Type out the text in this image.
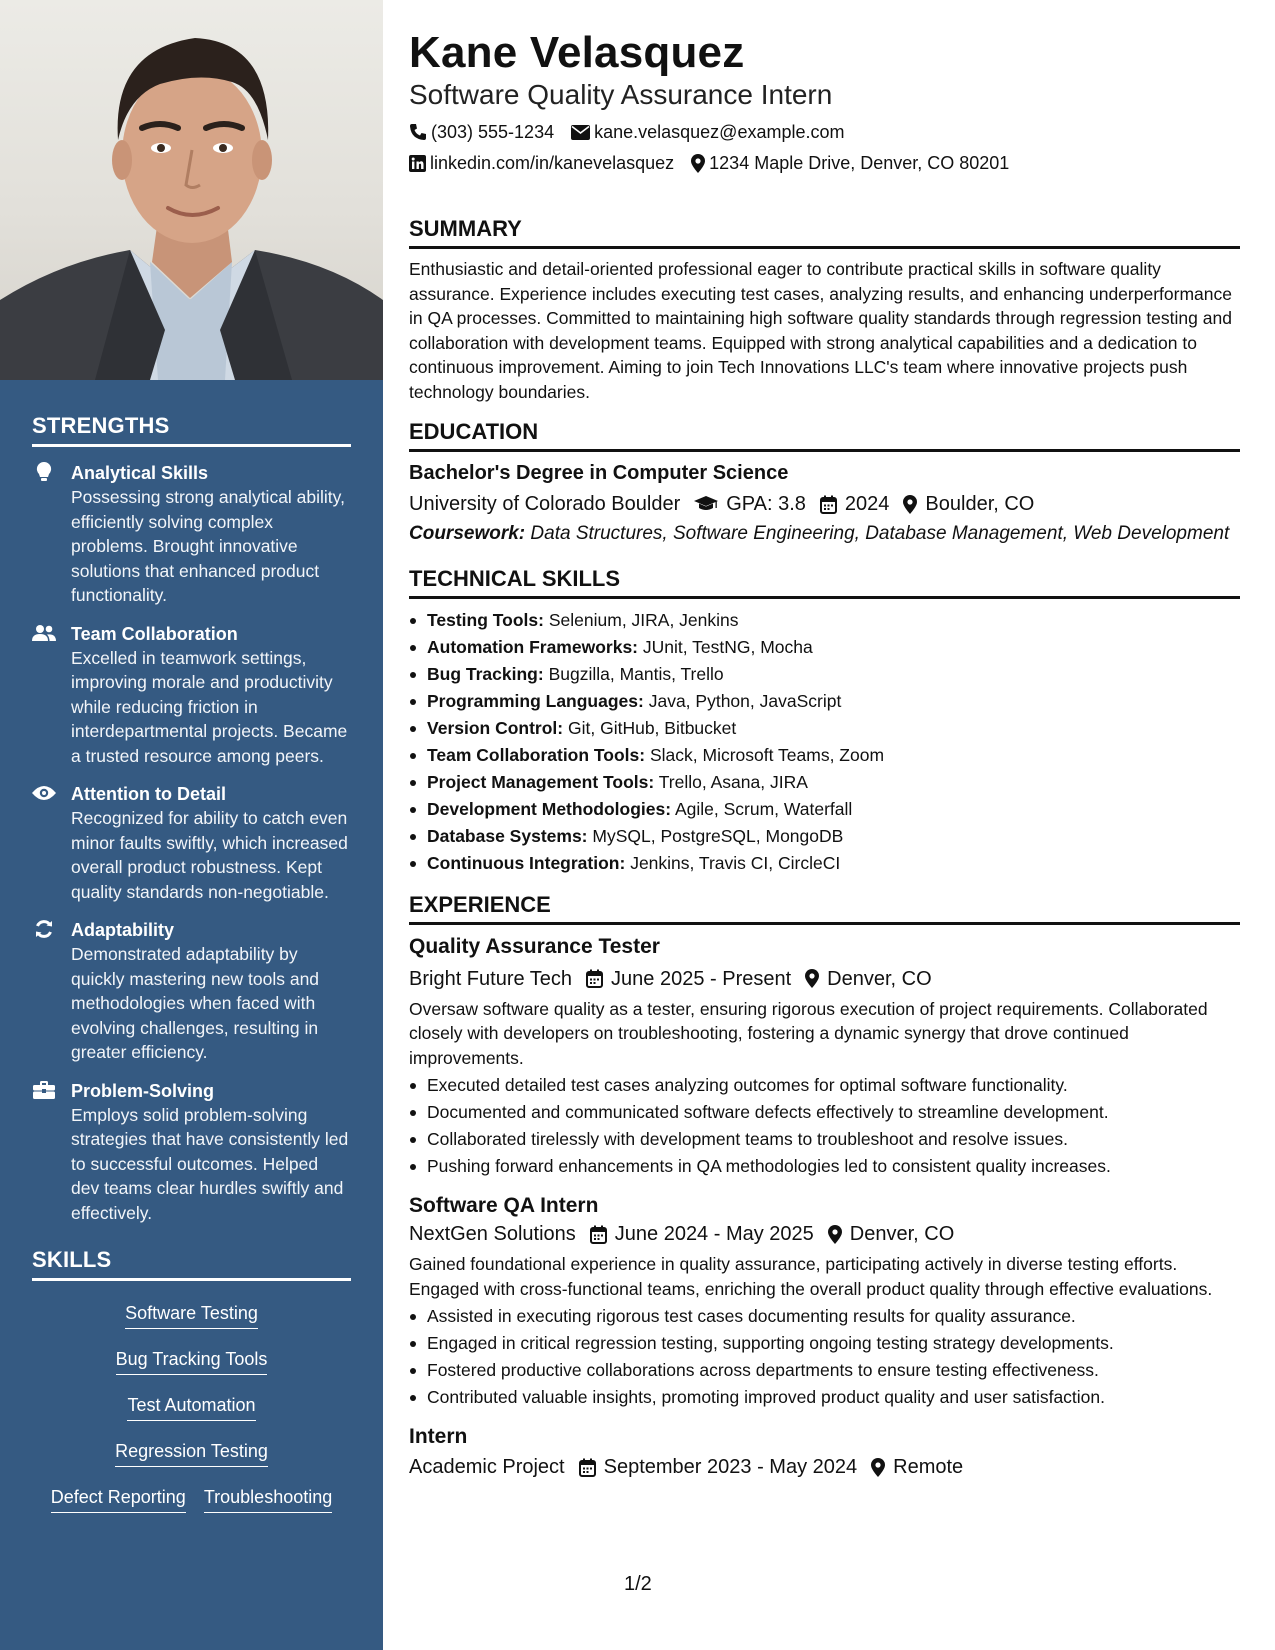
STRENGTHS
Analytical Skills
Possessing strong analytical ability, efficiently solving complex problems. Brought innovative solutions that enhanced product functionality.
Team Collaboration
Excelled in teamwork settings, improving morale and productivity while reducing friction in interdepartmental projects. Became a trusted resource among peers.
Attention to Detail
Recognized for ability to catch even minor faults swiftly, which increased overall product robustness. Kept quality standards non-negotiable.
Adaptability
Demonstrated adaptability by quickly mastering new tools and methodologies when faced with evolving challenges, resulting in greater efficiency.
Problem-Solving
Employs solid problem-solving strategies that have consistently led to successful outcomes. Helped dev teams clear hurdles swiftly and effectively.
SKILLS
Software Testing
Bug Tracking Tools
Test Automation
Regression Testing
Defect Reporting Troubleshooting
Kane Velasquez
Software Quality Assurance Intern
(303) 555-1234 kane.velasquez@example.com
linkedin.com/in/kanevelasquez 1234 Maple Drive, Denver, CO 80201
SUMMARY
Enthusiastic and detail-oriented professional eager to contribute practical skills in software quality assurance. Experience includes executing test cases, analyzing results, and enhancing underperformance in QA processes. Committed to maintaining high software quality standards through regression testing and collaboration with development teams. Equipped with strong analytical capabilities and a dedication to continuous improvement. Aiming to join Tech Innovations LLC's team where innovative projects push technology boundaries.
EDUCATION
Bachelor's Degree in Computer Science
University of Colorado Boulder GPA: 3.8 2024 Boulder, CO
Coursework: Data Structures, Software Engineering, Database Management, Web Development
TECHNICAL SKILLS
Testing Tools: Selenium, JIRA, Jenkins
Automation Frameworks: JUnit, TestNG, Mocha
Bug Tracking: Bugzilla, Mantis, Trello
Programming Languages: Java, Python, JavaScript
Version Control: Git, GitHub, Bitbucket
Team Collaboration Tools: Slack, Microsoft Teams, Zoom
Project Management Tools: Trello, Asana, JIRA
Development Methodologies: Agile, Scrum, Waterfall
Database Systems: MySQL, PostgreSQL, MongoDB
Continuous Integration: Jenkins, Travis CI, CircleCI
EXPERIENCE
Quality Assurance Tester
Bright Future Tech June 2025 - Present Denver, CO
Oversaw software quality as a tester, ensuring rigorous execution of project requirements. Collaborated closely with developers on troubleshooting, fostering a dynamic synergy that drove continued improvements.
Executed detailed test cases analyzing outcomes for optimal software functionality.
Documented and communicated software defects effectively to streamline development.
Collaborated tirelessly with development teams to troubleshoot and resolve issues.
Pushing forward enhancements in QA methodologies led to consistent quality increases.
Software QA Intern
NextGen Solutions June 2024 - May 2025 Denver, CO
Gained foundational experience in quality assurance, participating actively in diverse testing efforts. Engaged with cross-functional teams, enriching the overall product quality through effective evaluations.
Assisted in executing rigorous test cases documenting results for quality assurance.
Engaged in critical regression testing, supporting ongoing testing strategy developments.
Fostered productive collaborations across departments to ensure testing effectiveness.
Contributed valuable insights, promoting improved product quality and user satisfaction.
Intern
Academic Project September 2023 - May 2024 Remote
1/2
